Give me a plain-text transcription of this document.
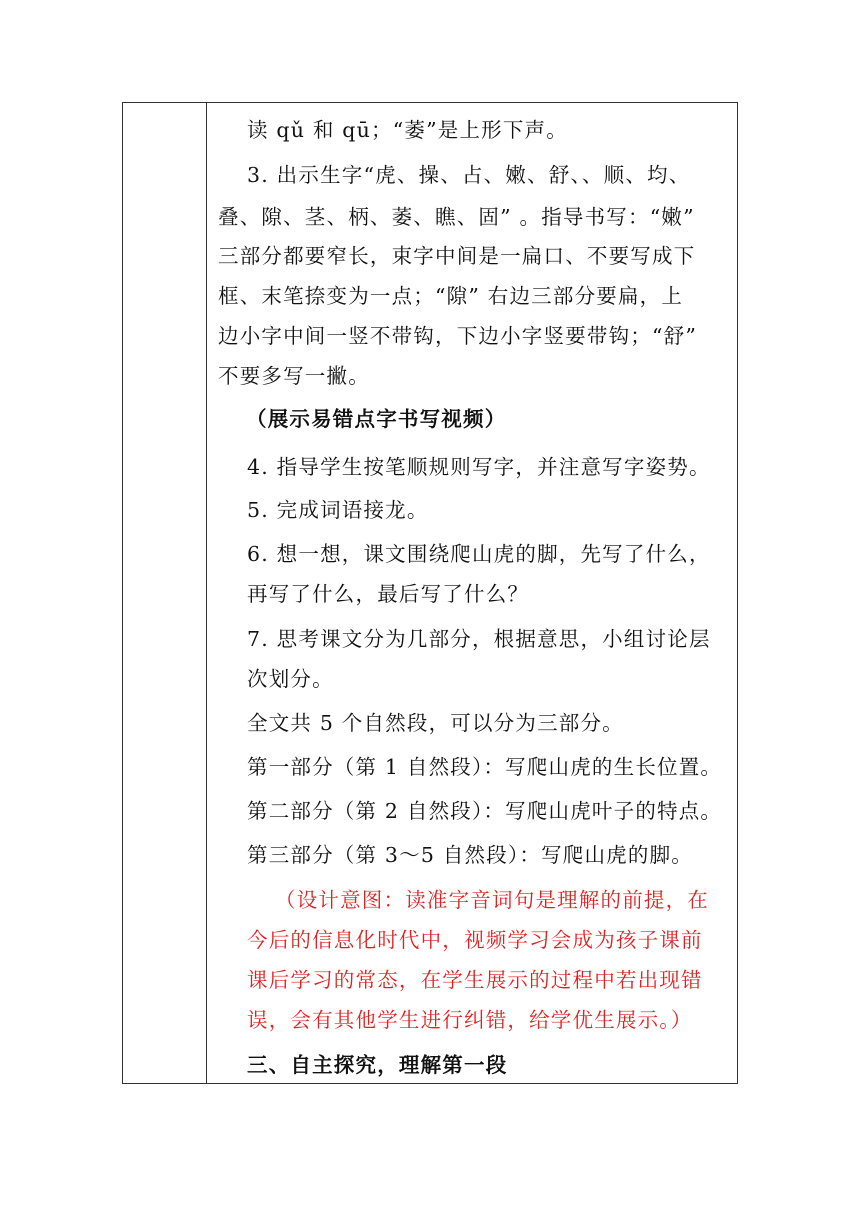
读 qǔ 和 qū；“萎”是上形下声。
3. 出示生字“虎、操、占、嫩、舒、、顺、均、
叠、隙、茎、柄、萎、瞧、固” 。指导书写：“嫩”
三部分都要窄长，束字中间是一扁口、不要写成下
框、末笔捺变为一点；“隙” 右边三部分要扁，上
边小字中间一竖不带钩，下边小字竖要带钩；“舒”
不要多写一撇。
（展示易错点字书写视频）
4. 指导学生按笔顺规则写字，并注意写字姿势。
5. 完成词语接龙。
6. 想一想，课文围绕爬山虎的脚，先写了什么，
再写了什么，最后写了什么？
7. 思考课文分为几部分，根据意思，小组讨论层
次划分。
全文共 5 个自然段，可以分为三部分。
第一部分（第 1 自然段）：写爬山虎的生长位置。
第二部分（第 2 自然段）：写爬山虎叶子的特点。
第三部分（第 3～5 自然段）：写爬山虎的脚。
（设计意图：读准字音词句是理解的前提，在
今后的信息化时代中，视频学习会成为孩子课前
课后学习的常态，在学生展示的过程中若出现错
误，会有其他学生进行纠错，给学优生展示。）
三、自主探究，理解第一段
